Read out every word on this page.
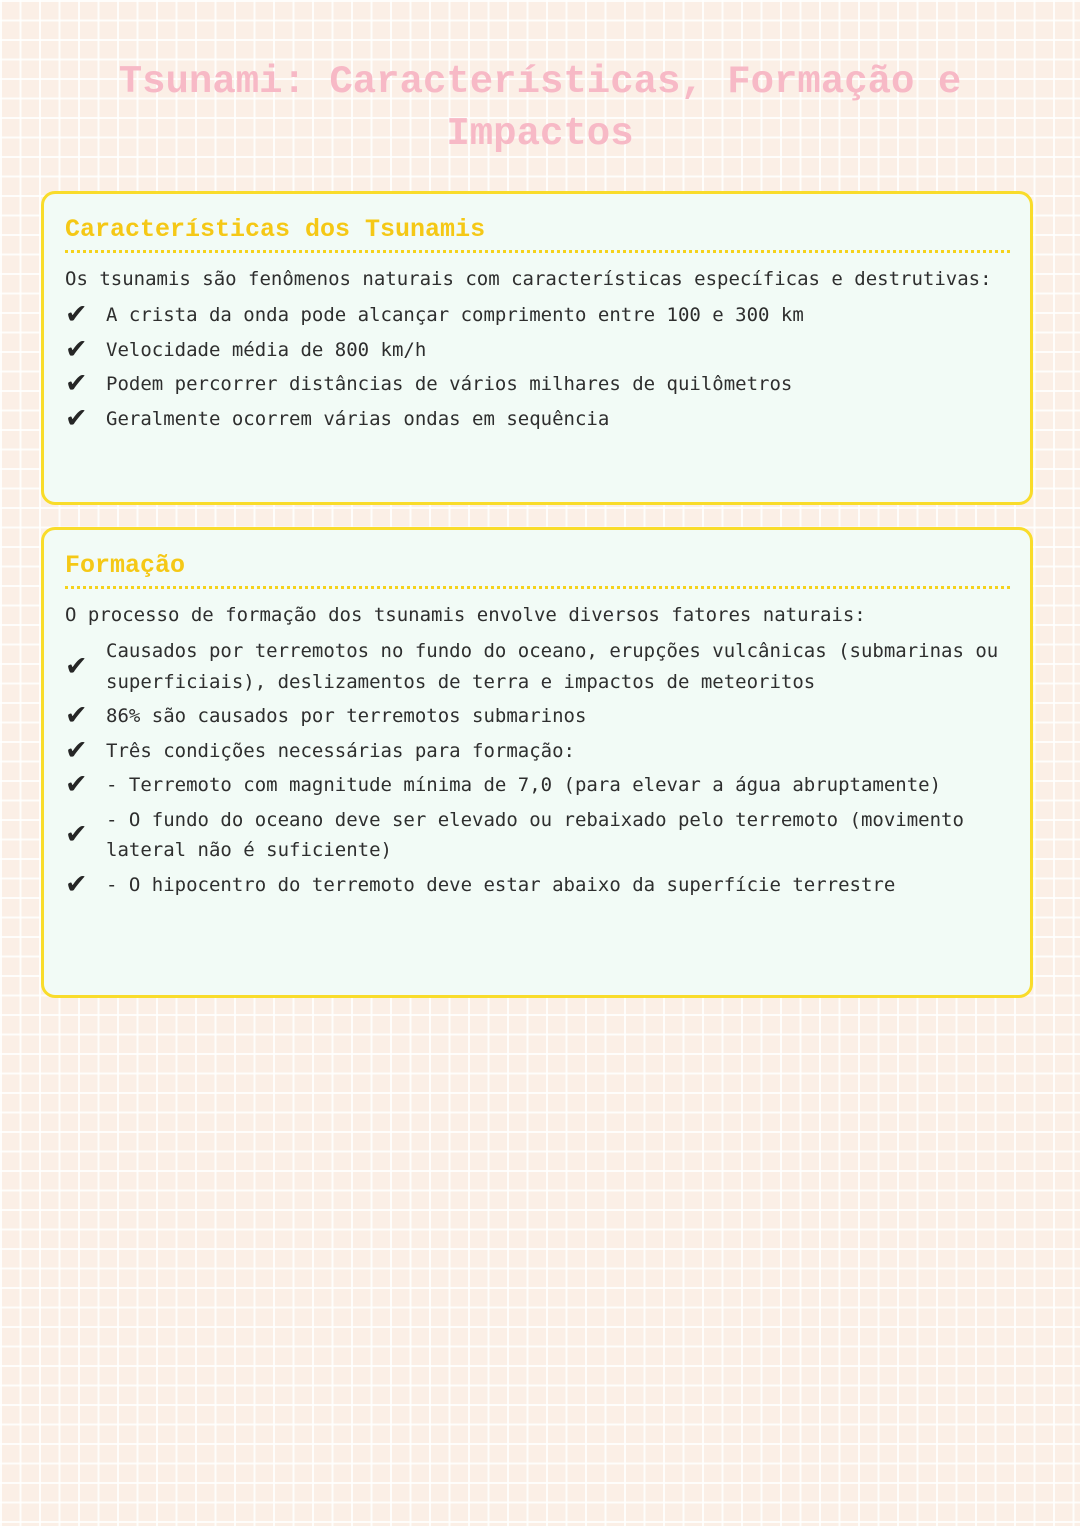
Tsunami: Características, Formação e Impactos
Características dos Tsunamis

Os tsunamis são fenômenos naturais com características específicas e destrutivas:

✔ A crista da onda pode alcançar comprimento entre 100 e 300 km
✔ Velocidade média de 800 km/h
✔ Podem percorrer distâncias de vários milhares de quilômetros
✔ Geralmente ocorrem várias ondas em sequência
Formação

O processo de formação dos tsunamis envolve diversos fatores naturais:

✔ Causados por terremotos no fundo do oceano, erupções vulcânicas (submarinas ou superficiais), deslizamentos de terra e impactos de meteoritos
✔ 86% são causados por terremotos submarinos
✔ Três condições necessárias para formação:
✔ - Terremoto com magnitude mínima de 7,0 (para elevar a água abruptamente)
✔ - O fundo do oceano deve ser elevado ou rebaixado pelo terremoto (movimento lateral não é suficiente)
✔ - O hipocentro do terremoto deve estar abaixo da superfície terrestre
